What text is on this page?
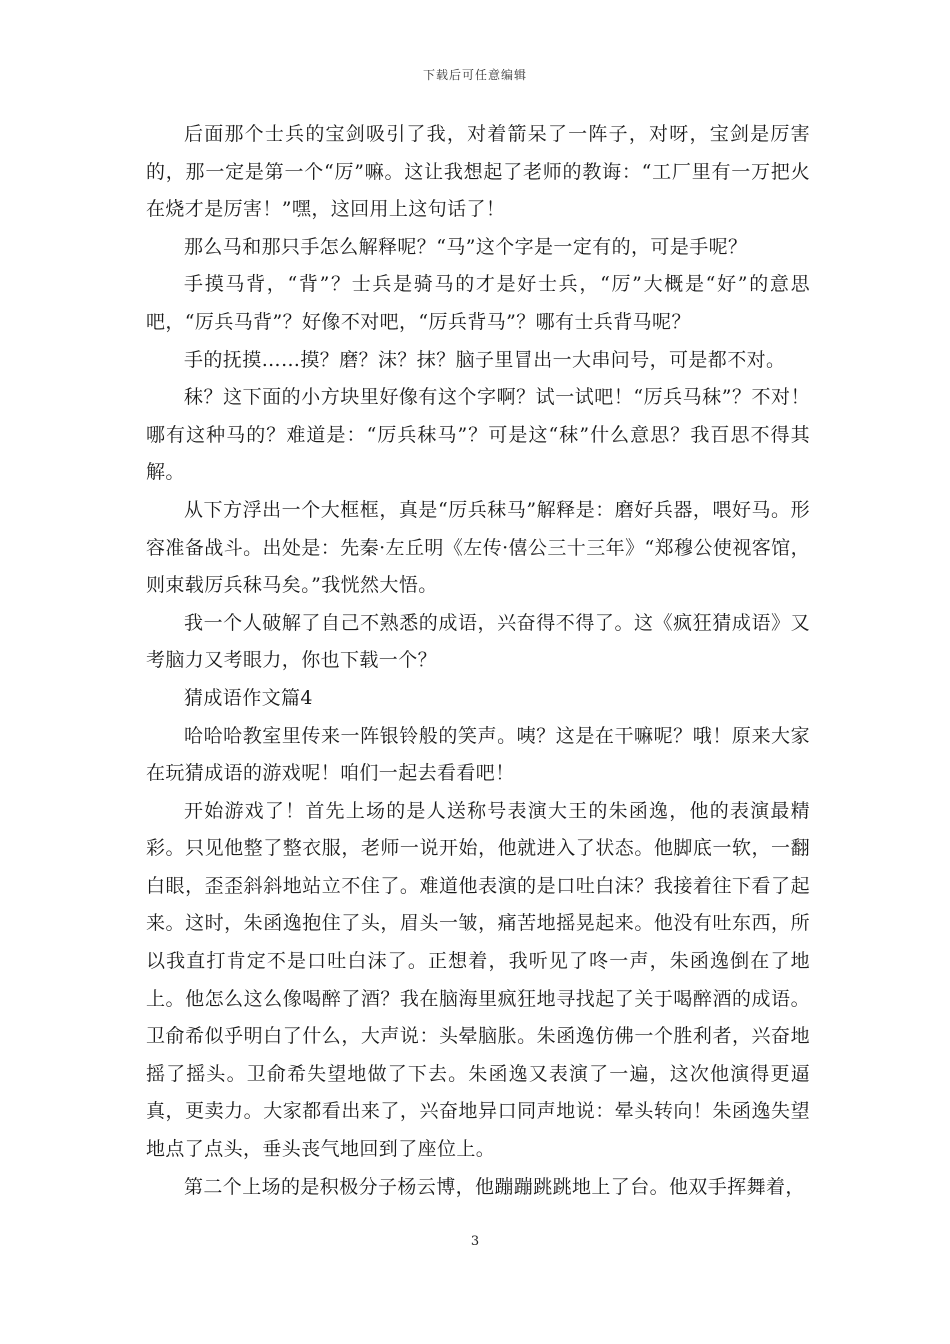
下载后可任意编辑

后面那个士兵的宝剑吸引了我，对着箭呆了一阵子，对呀，宝剑是厉害的，那一定是第一个“厉”嘛。这让我想起了老师的教诲：“工厂里有一万把火在烧才是厉害！”嘿，这回用上这句话了！

那么马和那只手怎么解释呢？“马”这个字是一定有的，可是手呢？

手摸马背，“背”？士兵是骑马的才是好士兵，“厉”大概是“好”的意思吧，“厉兵马背”？好像不对吧，“厉兵背马”？哪有士兵背马呢？

手的抚摸……摸？磨？沫？抹？脑子里冒出一大串问号，可是都不对。

秣？这下面的小方块里好像有这个字啊？试一试吧！“厉兵马秣”？不对！哪有这种马的？难道是：“厉兵秣马”？可是这“秣”什么意思？我百思不得其解。

从下方浮出一个大框框，真是“厉兵秣马”解释是：磨好兵器，喂好马。形容准备战斗。出处是：先秦·左丘明《左传·僖公三十三年》“郑穆公使视客馆，则束载厉兵秣马矣。”我恍然大悟。

我一个人破解了自己不熟悉的成语，兴奋得不得了。这《疯狂猜成语》又考脑力又考眼力，你也下载一个？

猜成语作文篇4

哈哈哈教室里传来一阵银铃般的笑声。咦？这是在干嘛呢？哦！原来大家在玩猜成语的游戏呢！咱们一起去看看吧！

开始游戏了！首先上场的是人送称号表演大王的朱函逸，他的表演最精彩。只见他整了整衣服，老师一说开始，他就进入了状态。他脚底一软，一翻白眼，歪歪斜斜地站立不住了。难道他表演的是口吐白沫？我接着往下看了起来。这时，朱函逸抱住了头，眉头一皱，痛苦地摇晃起来。他没有吐东西，所以我直打肯定不是口吐白沫了。正想着，我听见了咚一声，朱函逸倒在了地上。他怎么这么像喝醉了酒？我在脑海里疯狂地寻找起了关于喝醉酒的成语。卫俞希似乎明白了什么，大声说：头晕脑胀。朱函逸仿佛一个胜利者，兴奋地摇了摇头。卫俞希失望地做了下去。朱函逸又表演了一遍，这次他演得更逼真，更卖力。大家都看出来了，兴奋地异口同声地说：晕头转向！朱函逸失望地点了点头，垂头丧气地回到了座位上。

第二个上场的是积极分子杨云博，他蹦蹦跳跳地上了台。他双手挥舞着，

3
